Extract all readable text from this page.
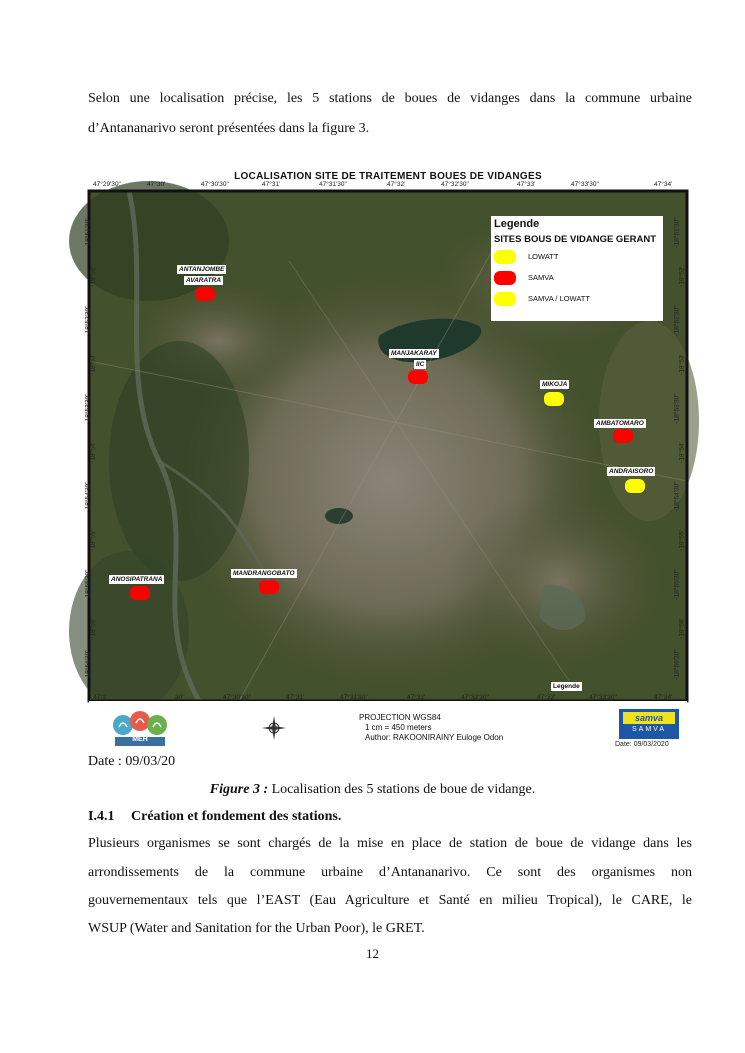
Selon une localisation précise, les 5 stations de boues de vidanges dans la commune urbaine

d’Antananarivo seront présentées dans la figure 3.

LOCALISATION SITE DE TRAITEMENT BOUES DE VIDANGES
47°29'30"	47°30'	47°30'30"	47°31'	47°31'30"	47°32'	47°32'30"	47°33'	47°33'30"	47°34'
47°2	30"	47°30'30"	47°31'	47°31'30"	47°32'	47°32'30"	47°33'	47°33'30"	47°34'
-18°51'30"
-18°52'
-18°52'30"
-18°53'
-18°53'30"
-18°54'
-18°54'30"
-18°55'
-18°55'30"
-18°56'
-18°56'30"
-18°51'30"
-18°52'
-18°52'30"
-18°53'
-18°53'30"
-18°54'
-18°54'30"
-18°55'
-18°55'30"
-18°56'
-18°56'30"
Legende
SITES BOUS DE VIDANGE GERANT
LOWATT
SAMVA
SAMVA / LOWATT
ANTANJOMBE
AVARATRA
MANJAKARAY
IIC
MIKOJA
AMBATOMARO
ANDRAISORO
ANOSIPATRANA
MANDRANGOBATO
Legende
MEH
PROJECTION WGS84
1 cm = 450 meters
Author: RAKOONIRAINY Euloge Odon
samva
SAMVA
Date: 09/03/2020
Date : 09/03/20
Figure 3 : Localisation des 5 stations de boue de vidange.
I.4.1 Création et fondement des stations.

Plusieurs organismes se sont chargés de la mise en place de station de boue de vidange dans les

arrondissements de la commune urbaine d’Antananarivo. Ce sont des organismes non

gouvernementaux tels que l’EAST (Eau Agriculture et Santé en milieu Tropical), le CARE, le

WSUP (Water and Sanitation for the Urban Poor), le GRET.

12
